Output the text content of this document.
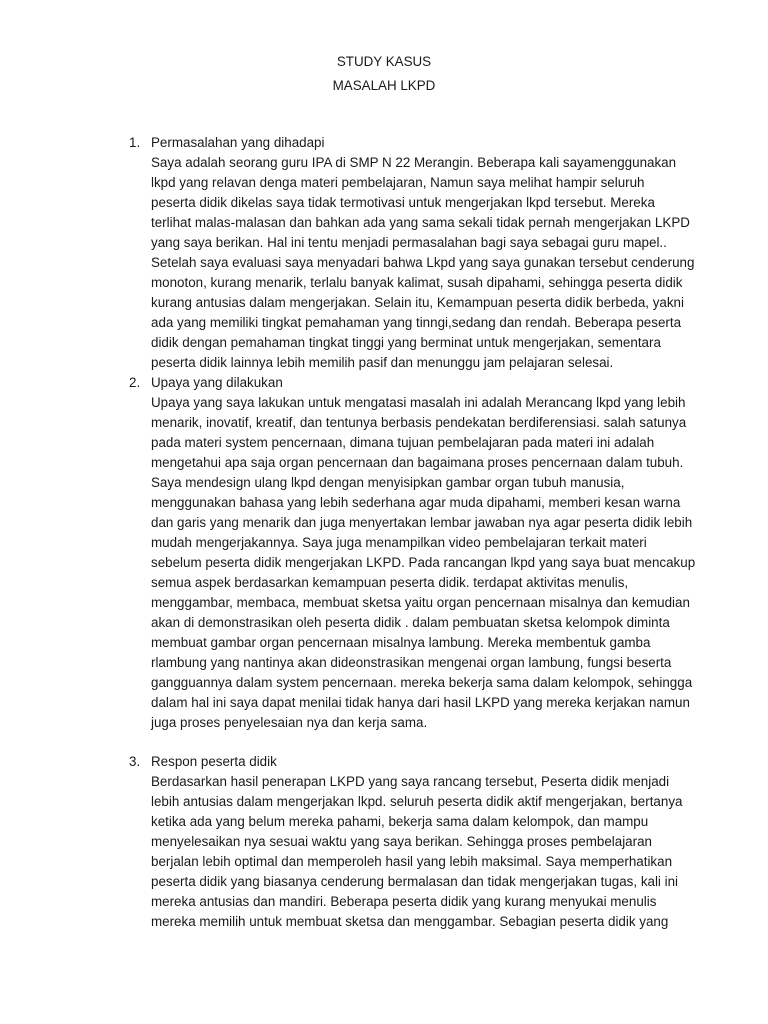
STUDY KASUS
MASALAH LKPD
1. Permasalahan yang dihadapi
Saya adalah seorang guru IPA di SMP N 22 Merangin. Beberapa kali sayamenggunakan
lkpd yang relavan denga materi pembelajaran, Namun saya melihat hampir seluruh
peserta didik dikelas saya tidak termotivasi untuk mengerjakan lkpd tersebut. Mereka
terlihat malas-malasan dan bahkan ada yang sama sekali tidak pernah mengerjakan LKPD
yang saya berikan. Hal ini tentu menjadi permasalahan bagi saya sebagai guru mapel..
Setelah saya evaluasi saya menyadari bahwa Lkpd yang saya gunakan tersebut cenderung
monoton, kurang menarik, terlalu banyak kalimat, susah dipahami, sehingga peserta didik
kurang antusias dalam mengerjakan. Selain itu, Kemampuan peserta didik berbeda, yakni
ada yang memiliki tingkat pemahaman yang tinngi,sedang dan rendah. Beberapa peserta
didik dengan pemahaman tingkat tinggi yang berminat untuk mengerjakan, sementara
peserta didik lainnya lebih memilih pasif dan menunggu jam pelajaran selesai.
2. Upaya yang dilakukan
Upaya yang saya lakukan untuk mengatasi masalah ini adalah Merancang lkpd yang lebih
menarik, inovatif, kreatif, dan tentunya berbasis pendekatan berdiferensiasi. salah satunya
pada materi system pencernaan, dimana tujuan pembelajaran pada materi ini adalah
mengetahui apa saja organ pencernaan dan bagaimana proses pencernaan dalam tubuh.
Saya mendesign ulang lkpd dengan menyisipkan gambar organ tubuh manusia,
menggunakan bahasa yang lebih sederhana agar muda dipahami, memberi kesan warna
dan garis yang menarik dan juga menyertakan lembar jawaban nya agar peserta didik lebih
mudah mengerjakannya. Saya juga menampilkan video pembelajaran terkait materi
sebelum peserta didik mengerjakan LKPD. Pada rancangan lkpd yang saya buat mencakup
semua aspek berdasarkan kemampuan peserta didik. terdapat aktivitas menulis,
menggambar, membaca, membuat sketsa yaitu organ pencernaan misalnya dan kemudian
akan di demonstrasikan oleh peserta didik . dalam pembuatan sketsa kelompok diminta
membuat gambar organ pencernaan misalnya lambung. Mereka membentuk gamba
rlambung yang nantinya akan dideonstrasikan mengenai organ lambung, fungsi beserta
gangguannya dalam system pencernaan. mereka bekerja sama dalam kelompok, sehingga
dalam hal ini saya dapat menilai tidak hanya dari hasil LKPD yang mereka kerjakan namun
juga proses penyelesaian nya dan kerja sama.
3. Respon peserta didik
Berdasarkan hasil penerapan LKPD yang saya rancang tersebut, Peserta didik menjadi
lebih antusias dalam mengerjakan lkpd. seluruh peserta didik aktif mengerjakan, bertanya
ketika ada yang belum mereka pahami, bekerja sama dalam kelompok, dan mampu
menyelesaikan nya sesuai waktu yang saya berikan. Sehingga proses pembelajaran
berjalan lebih optimal dan memperoleh hasil yang lebih maksimal. Saya memperhatikan
peserta didik yang biasanya cenderung bermalasan dan tidak mengerjakan tugas, kali ini
mereka antusias dan mandiri. Beberapa peserta didik yang kurang menyukai menulis
mereka memilih untuk membuat sketsa dan menggambar. Sebagian peserta didik yang
